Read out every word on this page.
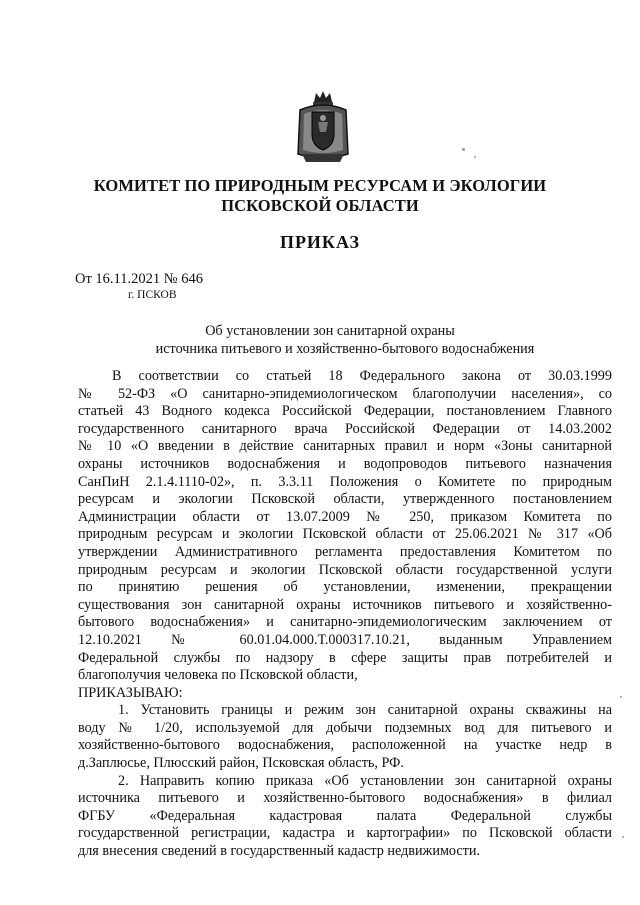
КОМИТЕТ ПО ПРИРОДНЫМ РЕСУРСАМ И ЭКОЛОГИИ
ПСКОВСКОЙ ОБЛАСТИ
ПРИКАЗ
От 16.11.2021 № 646
г. ПСКОВ
Об установлении зон санитарной охраны
источника питьевого и хозяйственно-бытового водоснабжения
В соответствии со статьей 18 Федерального закона от 30.03.1999
№ 52-ФЗ «О санитарно-эпидемиологическом благополучии населения», со
статьей 43 Водного кодекса Российской Федерации, постановлением Главного
государственного санитарного врача Российской Федерации от 14.03.2002
№ 10 «О введении в действие санитарных правил и норм «Зоны санитарной
охраны источников водоснабжения и водопроводов питьевого назначения
СанПиН 2.1.4.1110-02», п. 3.3.11 Положения о Комитете по природным
ресурсам и экологии Псковской области, утвержденного постановлением
Администрации области от 13.07.2009 № 250, приказом Комитета по
природным ресурсам и экологии Псковской области от 25.06.2021 № 317 «Об
утверждении Административного регламента предоставления Комитетом по
природным ресурсам и экологии Псковской области государственной услуги
по принятию решения об установлении, изменении, прекращении
существования зон санитарной охраны источников питьевого и хозяйственно-
бытового водоснабжения» и санитарно-эпидемиологическим заключением от
12.10.2021 № 60.01.04.000.Т.000317.10.21, выданным Управлением
Федеральной службы по надзору в сфере защиты прав потребителей и
благополучия человека по Псковской области,
ПРИКАЗЫВАЮ:
1. Установить границы и режим зон санитарной охраны скважины на
воду № 1/20, используемой для добычи подземных вод для питьевого и
хозяйственно-бытового водоснабжения, расположенной на участке недр в
д.Заплюсье, Плюсский район, Псковская область, РФ.
2. Направить копию приказа «Об установлении зон санитарной охраны
источника питьевого и хозяйственно-бытового водоснабжения» в филиал
ФГБУ «Федеральная кадастровая палата Федеральной службы
государственной регистрации, кадастра и картографии» по Псковской области
для внесения сведений в государственный кадастр недвижимости.
